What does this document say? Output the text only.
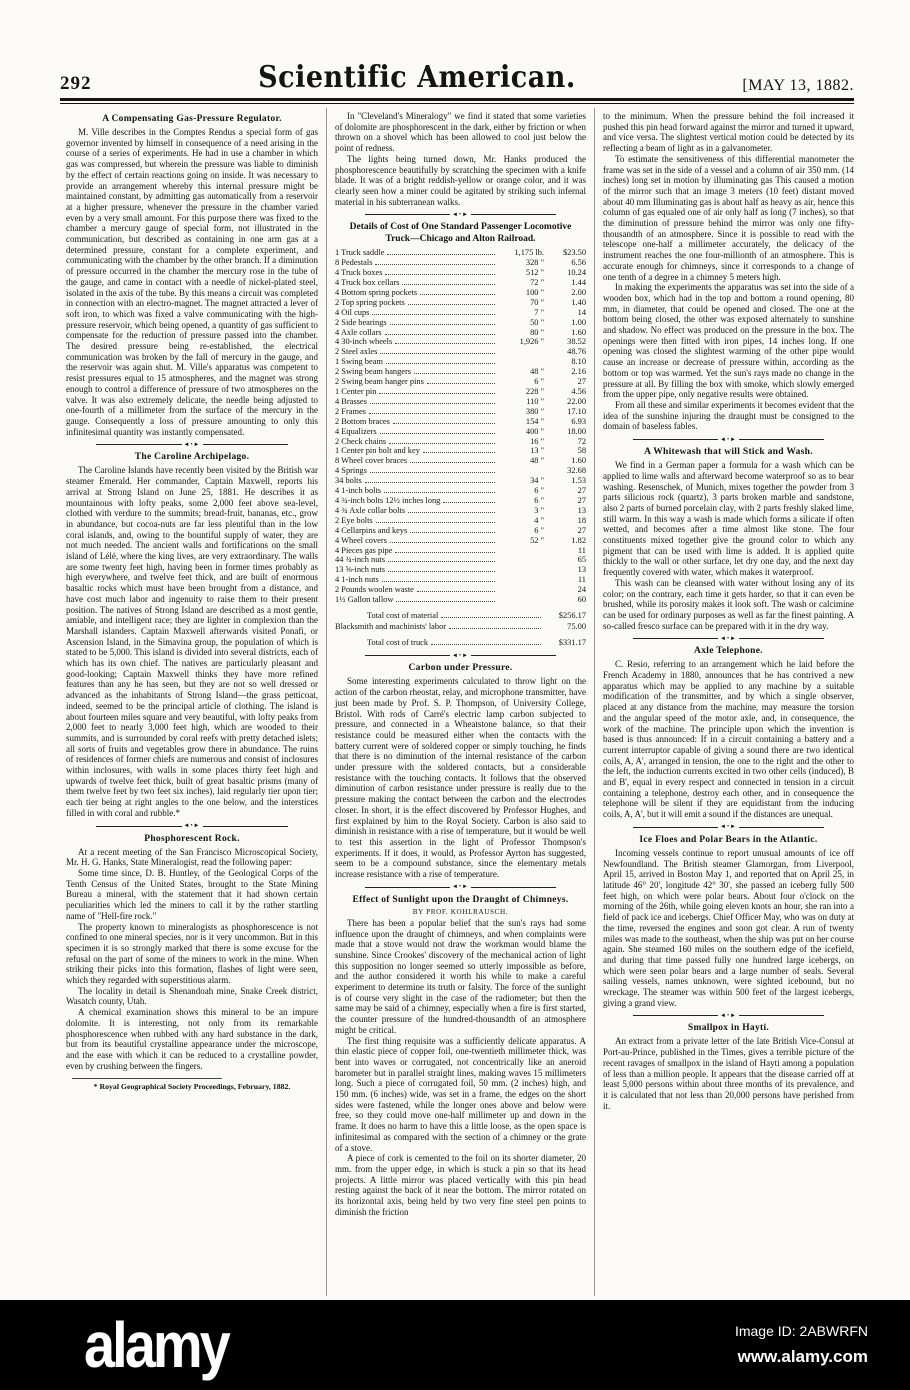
292	Scientific American.	[MAY 13, 1882.
A Compensating Gas-Pressure Regulator.

M. Ville describes in the Comptes Rendus a special form of gas governor invented by himself in consequence of a need arising in the course of a series of experiments. He had in use a chamber in which gas was compressed, but wherein the pressure was liable to diminish by the effect of certain reactions going on inside. It was necessary to provide an arrangement whereby this internal pressure might be maintained constant, by admitting gas automatically from a reservoir at a higher pressure, whenever the pressure in the chamber varied even by a very small amount. For this purpose there was fixed to the chamber a mercury gauge of special form, not illustrated in the communication, but described as containing in one arm gas at a determined pressure, constant for a complete experiment, and communicating with the chamber by the other branch. If a diminution of pressure occurred in the chamber the mercury rose in the tube of the gauge, and came in contact with a needle of nickel-plated steel, isolated in the axis of the tube. By this means a circuit was completed in connection with an electro-magnet. The magnet attracted a lever of soft iron, to which was fixed a valve communicating with the high-pressure reservoir, which being opened, a quantity of gas sufficient to compensate for the reduction of pressure passed into the chamber. The desired pressure being re-established, the electrical communication was broken by the fall of mercury in the gauge, and the reservoir was again shut. M. Ville's apparatus was competent to resist pressures equal to 15 atmospheres, and the magnet was strong enough to control a difference of pressure of two atmospheres on the valve. It was also extremely delicate, the needle being adjusted to one-fourth of a millimeter from the surface of the mercury in the gauge. Consequently a loss of pressure amounting to only this infinitesimal quantity was instantly compensated.

◄•►
The Caroline Archipelago.

The Caroline Islands have recently been visited by the British war steamer Emerald. Her commander, Captain Maxwell, reports his arrival at Strong Island on June 25, 1881. He describes it as mountainous with lofty peaks, some 2,000 feet above sea-level, clothed with verdure to the summits; bread-fruit, bananas, etc., grow in abundance, but cocoa-nuts are far less plentiful than in the low coral islands, and, owing to the bountiful supply of water, they are not much needed. The ancient walls and fortifications on the small island of Lélé, where the king lives, are very extraordinary. The walls are some twenty feet high, having been in former times probably as high everywhere, and twelve feet thick, and are built of enormous basaltic rocks which must have been brought from a distance, and have cost much labor and ingenuity to raise them to their present position. The natives of Strong Island are described as a most gentle, amiable, and intelligent race; they are lighter in complexion than the Marshall islanders. Captain Maxwell afterwards visited Ponafi, or Ascension Island, in the Simavina group, the population of which is stated to be 5,000. This island is divided into several districts, each of which has its own chief. The natives are particularly pleasant and good-looking; Captain Maxwell thinks they have more refined features than any he has seen, but they are not so well dressed or advanced as the inhabitants of Strong Island—the grass petticoat, indeed, seemed to be the principal article of clothing. The island is about fourteen miles square and very beautiful, with lofty peaks from 2,000 feet to nearly 3,000 feet high, which are wooded to their summits, and is surrounded by coral reefs with pretty detached islets; all sorts of fruits and vegetables grow there in abundance. The ruins of residences of former chiefs are numerous and consist of inclosures within inclosures, with walls in some places thirty feet high and upwards of twelve feet thick, built of great basaltic prisms (many of them twelve feet by two feet six inches), laid regularly tier upon tier; each tier being at right angles to the one below, and the interstices filled in with coral and rubble.*

◄•►
Phosphorescent Rock.

At a recent meeting of the San Francisco Microscopical Society, Mr. H. G. Hanks, State Mineralogist, read the following paper:

Some time since, D. B. Huntley, of the Geological Corps of the Tenth Census of the United States, brought to the State Mining Bureau a mineral, with the statement that it had shown certain peculiarities which led the miners to call it by the rather startling name of "Hell-fire rock."

The property known to mineralogists as phosphorescence is not confined to one mineral species, nor is it very uncommon. But in this specimen it is so strongly marked that there is some excuse for the refusal on the part of some of the miners to work in the mine. When striking their picks into this formation, flashes of light were seen, which they regarded with superstitious alarm.

The locality in detail is Shenandoah mine, Snake Creek district, Wasatch county, Utah.

A chemical examination shows this mineral to be an impure dolomite. It is interesting, not only from its remarkable phosphorescence when rubbed with any hard substance in the dark, but from its beautiful crystalline appearance under the microscope, and the ease with which it can be reduced to a crystalline powder, even by crushing between the fingers.

* Royal Geographical Society Proceedings, February, 1882.

In "Cleveland's Mineralogy" we find it stated that some varieties of dolomite are phosphorescent in the dark, either by friction or when thrown on a shovel which has been allowed to cool just below the point of redness.

The lights being turned down, Mr. Hanks produced the phosphorescence beautifully by scratching the specimen with a knife blade. It was of a bright reddish-yellow or orange color, and it was clearly seen how a miner could be agitated by striking such infernal material in his subterranean walks.

◄•►
Details of Cost of One Standard Passenger Locomotive Truck—Chicago and Alton Railroad.
1 Truck saddle	1,175 lb.	$23.50
8 Pedestals	328 "	6.56
4 Truck boxes	512 "	10.24
4 Truck box cellars	72 "	1.44
4 Bottom spring pockets	100 "	2.00
2 Top spring pockets	70 "	1.40
4 Oil cups	7 "	14
2 Side bearings	50 "	1.00
4 Axle collars	80 "	1.60
4 30-inch wheels	1,926 "	38.52
2 Steel axles	48.76
1 Swing beam	8.10
2 Swing beam hangers	48 "	2.16
2 Swing beam hanger pins	6 "	27
1 Center pin	228 "	4.56
4 Brasses	110 "	22.00
2 Frames	380 "	17.10
2 Bottom braces	154 "	6.93
4 Equalizers	400 "	18.00
2 Check chains	16 "	72
1 Center pin bolt and key	13 "	58
8 Wheel cover braces	48 "	1.60
4 Springs	32.68
34 bolts	34 "	1.53
4 1-inch bolts	6 "	27
4 ¾-inch bolts 12½ inches long	6 "	27
4 ¾ Axle collar bolts	3 "	13
2 Eye bolts	4 "	18
4 Cellarpins and keys	6 "	27
4 Wheel covers	52 "	1.82
4 Pieces gas pipe	11
44 ¾-inch nuts	65
13 ⅝-inch nuts	13
4 1-inch nuts	11
2 Pounds woolen waste	24
1½ Gallon tallow	60
Total cost of material	$256.17
Blacksmith and machinists' labor	75.00
Total cost of truck	$331.17
◄•►
Carbon under Pressure.

Some interesting experiments calculated to throw light on the action of the carbon rheostat, relay, and microphone transmitter, have just been made by Prof. S. P. Thompson, of University College, Bristol. With rods of Carré's electric lamp carbon subjected to pressure, and connected in a Wheatstone balance, so that their resistance could be measured either when the contacts with the battery current were of soldered copper or simply touching, he finds that there is no diminution of the internal resistance of the carbon under pressure with the soldered contacts, but a considerable resistance with the touching contacts. It follows that the observed diminution of carbon resistance under pressure is really due to the pressure making the contact between the carbon and the electrodes closer. In short, it is the effect discovered by Professor Hughes, and first explained by him to the Royal Society. Carbon is also said to diminish in resistance with a rise of temperature, but it would be well to test this assertion in the light of Professor Thompson's experiments. If it does, it would, as Professor Ayrton has suggested, seem to be a compound substance, since the elementary metals increase resistance with a rise of temperature.

◄•►
Effect of Sunlight upon the Draught of Chimneys.
BY PROF. KOHLRAUSCH.

There has been a popular belief that the sun's rays had some influence upon the draught of chimneys, and when complaints were made that a stove would not draw the workman would blame the sunshine. Since Crookes' discovery of the mechanical action of light this supposition no longer seemed so utterly impossible as before, and the author considered it worth his while to make a careful experiment to determine its truth or falsity. The force of the sunlight is of course very slight in the case of the radiometer; but then the same may be said of a chimney, especially when a fire is first started, the counter pressure of the hundred-thousandth of an atmosphere might be critical.

The first thing requisite was a sufficiently delicate apparatus. A thin elastic piece of copper foil, one-twentieth millimeter thick, was bent into waves or corrugated, not concentrically like an aneroid barometer but in parallel straight lines, making waves 15 millimeters long. Such a piece of corrugated foil, 50 mm. (2 inches) high, and 150 mm. (6 inches) wide, was set in a frame, the edges on the short sides were fastened, while the longer ones above and below were free, so they could move one-half millimeter up and down in the frame. It does no harm to have this a little loose, as the open space is infinitesimal as compared with the section of a chimney or the grate of a stove.

A piece of cork is cemented to the foil on its shorter diameter, 20 mm. from the upper edge, in which is stuck a pin so that its head projects. A little mirror was placed vertically with this pin head resting against the back of it near the bottom. The mirror rotated on its horizontal axis, being held by two very fine steel pen points to diminish the friction

to the minimum. When the pressure behind the foil increased it pushed this pin head forward against the mirror and turned it upward, and vice versa. The slightest vertical motion could be detected by its reflecting a beam of light as in a galvanometer.

To estimate the sensitiveness of this differential manometer the frame was set in the side of a vessel and a column of air 350 mm. (14 inches) long set in motion by illuminating gas This caused a motion of the mirror such that an image 3 meters (10 feet) distant moved about 40 mm Illuminating gas is about half as heavy as air, hence this column of gas equaled one of air only half as long (7 inches), so that the diminution of pressure behind the mirror was only one fifty-thousandth of an atmosphere. Since it is possible to read with the telescope one-half a millimeter accurately, the delicacy of the instrument reaches the one four-millionth of an atmosphere. This is accurate enough for chimneys, since it corresponds to a change of one tenth of a degree in a chimney 5 meters high.

In making the experiments the apparatus was set into the side of a wooden box, which had in the top and bottom a round opening, 80 mm, in diameter, that could be opened and closed. The one at the bottom being closed, the other was exposed alternately to sunshine and shadow. No effect was produced on the pressure in the box. The openings were then fitted with iron pipes, 14 inches long. If one opening was closed the slightest warming of the other pipe would cause an increase or decrease of pressure within, according as the bottom or top was warmed. Yet the sun's rays made no change in the pressure at all. By filling the box with smoke, which slowly emerged from the upper pipe, only negative results were obtained.

From all these and similar experiments it becomes evident that the idea of the sunshine injuring the draught must be consigned to the domain of baseless fables.

◄•►
A Whitewash that will Stick and Wash.

We find in a German paper a formula for a wash which can be applied to lime walls and afterward become waterproof so as to bear washing. Resenschek, of Munich, mixes together the powder from 3 parts silicious rock (quartz), 3 parts broken marble and sandstone, also 2 parts of burned porcelain clay, with 2 parts freshly slaked lime, still warm. In this way a wash is made which forms a silicate if often wetted, and becomes after a time almost like stone. The four constituents mixed together give the ground color to which any pigment that can be used with lime is added. It is applied quite thickly to the wall or other surface, let dry one day, and the next day frequently covered with water, which makes it waterproof.

This wash can be cleansed with water without losing any of its color; on the contrary, each time it gets harder, so that it can even be brushed, while its porosity makes it look soft. The wash or calcimine can be used for ordinary purposes as well as far the finest painting. A so-called fresco surface can be prepared with it in the dry way.

◄•►
Axle Telephone.

C. Resio, referring to an arrangement which he laid before the French Academy in 1880, announces that he has contrived a new apparatus which may be applied to any machine by a suitable modification of the transmitter, and by which a single observer, placed at any distance from the machine, may measure the torsion and the angular speed of the motor axle, and, in consequence, the work of the machine. The principle upon which the invention is based is thus announced: If in a circuit containing a battery and a current interruptor capable of giving a sound there are two identical coils, A, A', arranged in tension, the one to the right and the other to the left, the induction currents excited in two other cells (induced), B and B', equal in every respect and connected in tension in a circuit containing a telephone, destroy each other, and in consequence the telephone will be silent if they are equidistant from the inducing coils, A, A', but it will emit a sound if the distances are unequal.

◄•►
Ice Floes and Polar Bears in the Atlantic.

Incoming vessels continue to report unusual amounts of ice off Newfoundland. The British steamer Glamorgan, from Liverpool, April 15, arrived in Boston May 1, and reported that on April 25, in latitude 46° 20', longitude 42° 30', she passed an iceberg fully 500 feet high, on which were polar bears. About four o'clock on the morning of the 26th, while going eleven knots an hour, she ran into a field of pack ice and icebergs. Chief Officer May, who was on duty at the time, reversed the engines and soon got clear. A run of twenty miles was made to the southeast, when the ship was put on her course again. She steamed 160 miles on the southern edge of the icefield, and during that time passed fully one hundred large icebergs, on which were seen polar bears and a large number of seals. Several sailing vessels, names unknown, were sighted icebound, but no wreckage. The steamer was within 500 feet of the largest icebergs, giving a grand view.

◄•►
Smallpox in Hayti.

An extract from a private letter of the late British Vice-Consul at Port-au-Prince, published in the Times, gives a terrible picture of the recent ravages of smallpox in the island of Hayti among a population of less than a million people. It appears that the disease carried off at least 5,000 persons within about three months of its prevalence, and it is calculated that not less than 20,000 persons have perished from it.

alamy	Image ID: 2ABWRFN
www.alamy.com
